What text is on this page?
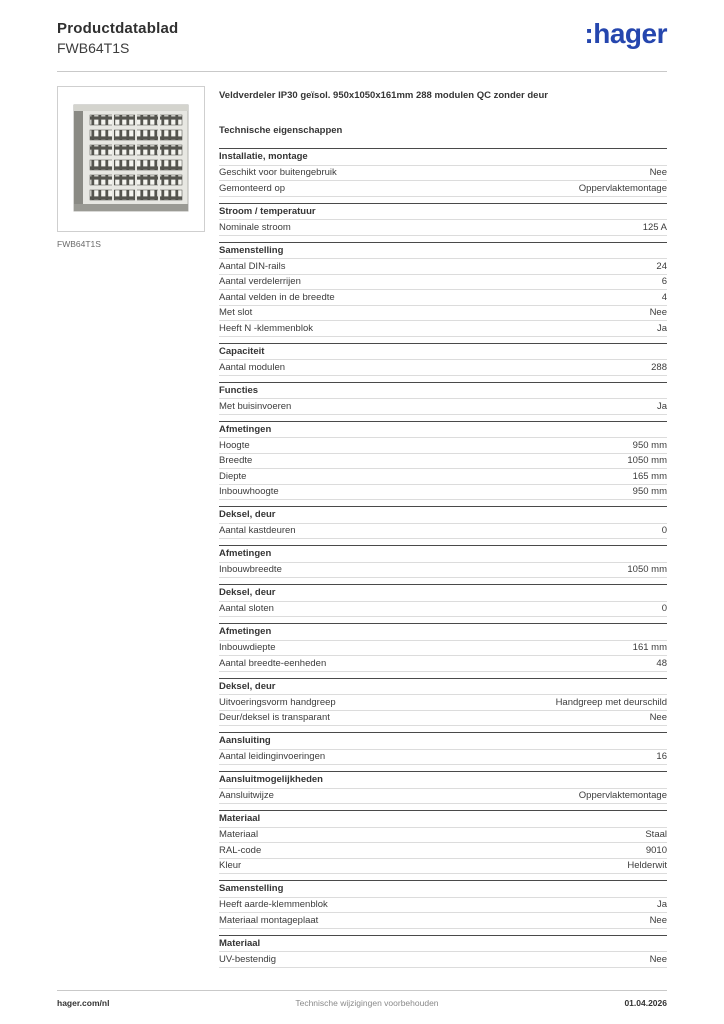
Productdatablad
FWB64T1S	:hager
FWB64T1S
Veldverdeler IP30 geïsol. 950x1050x161mm 288 modulen QC zonder deur
Technische eigenschappen
Installatie, montage
Geschikt voor buitengebruik	Nee
Gemonteerd op	Oppervlaktemontage
Stroom / temperatuur
Nominale stroom	125 A
Samenstelling
Aantal DIN-rails	24
Aantal verdelerrijen	6
Aantal velden in de breedte	4
Met slot	Nee
Heeft N -klemmenblok	Ja
Capaciteit
Aantal modulen	288
Functies
Met buisinvoeren	Ja
Afmetingen
Hoogte	950 mm
Breedte	1050 mm
Diepte	165 mm
Inbouwhoogte	950 mm
Deksel, deur
Aantal kastdeuren	0
Afmetingen
Inbouwbreedte	1050 mm
Deksel, deur
Aantal sloten	0
Afmetingen
Inbouwdiepte	161 mm
Aantal breedte-eenheden	48
Deksel, deur
Uitvoeringsvorm handgreep	Handgreep met deurschild
Deur/deksel is transparant	Nee
Aansluiting
Aantal leidinginvoeringen	16
Aansluitmogelijkheden
Aansluitwijze	Oppervlaktemontage
Materiaal
Materiaal	Staal
RAL-code	9010
Kleur	Helderwit
Samenstelling
Heeft aarde-klemmenblok	Ja
Materiaal montageplaat	Nee
Materiaal
UV-bestendig	Nee
hager.com/nl	Technische wijzigingen voorbehouden	01.04.2026
